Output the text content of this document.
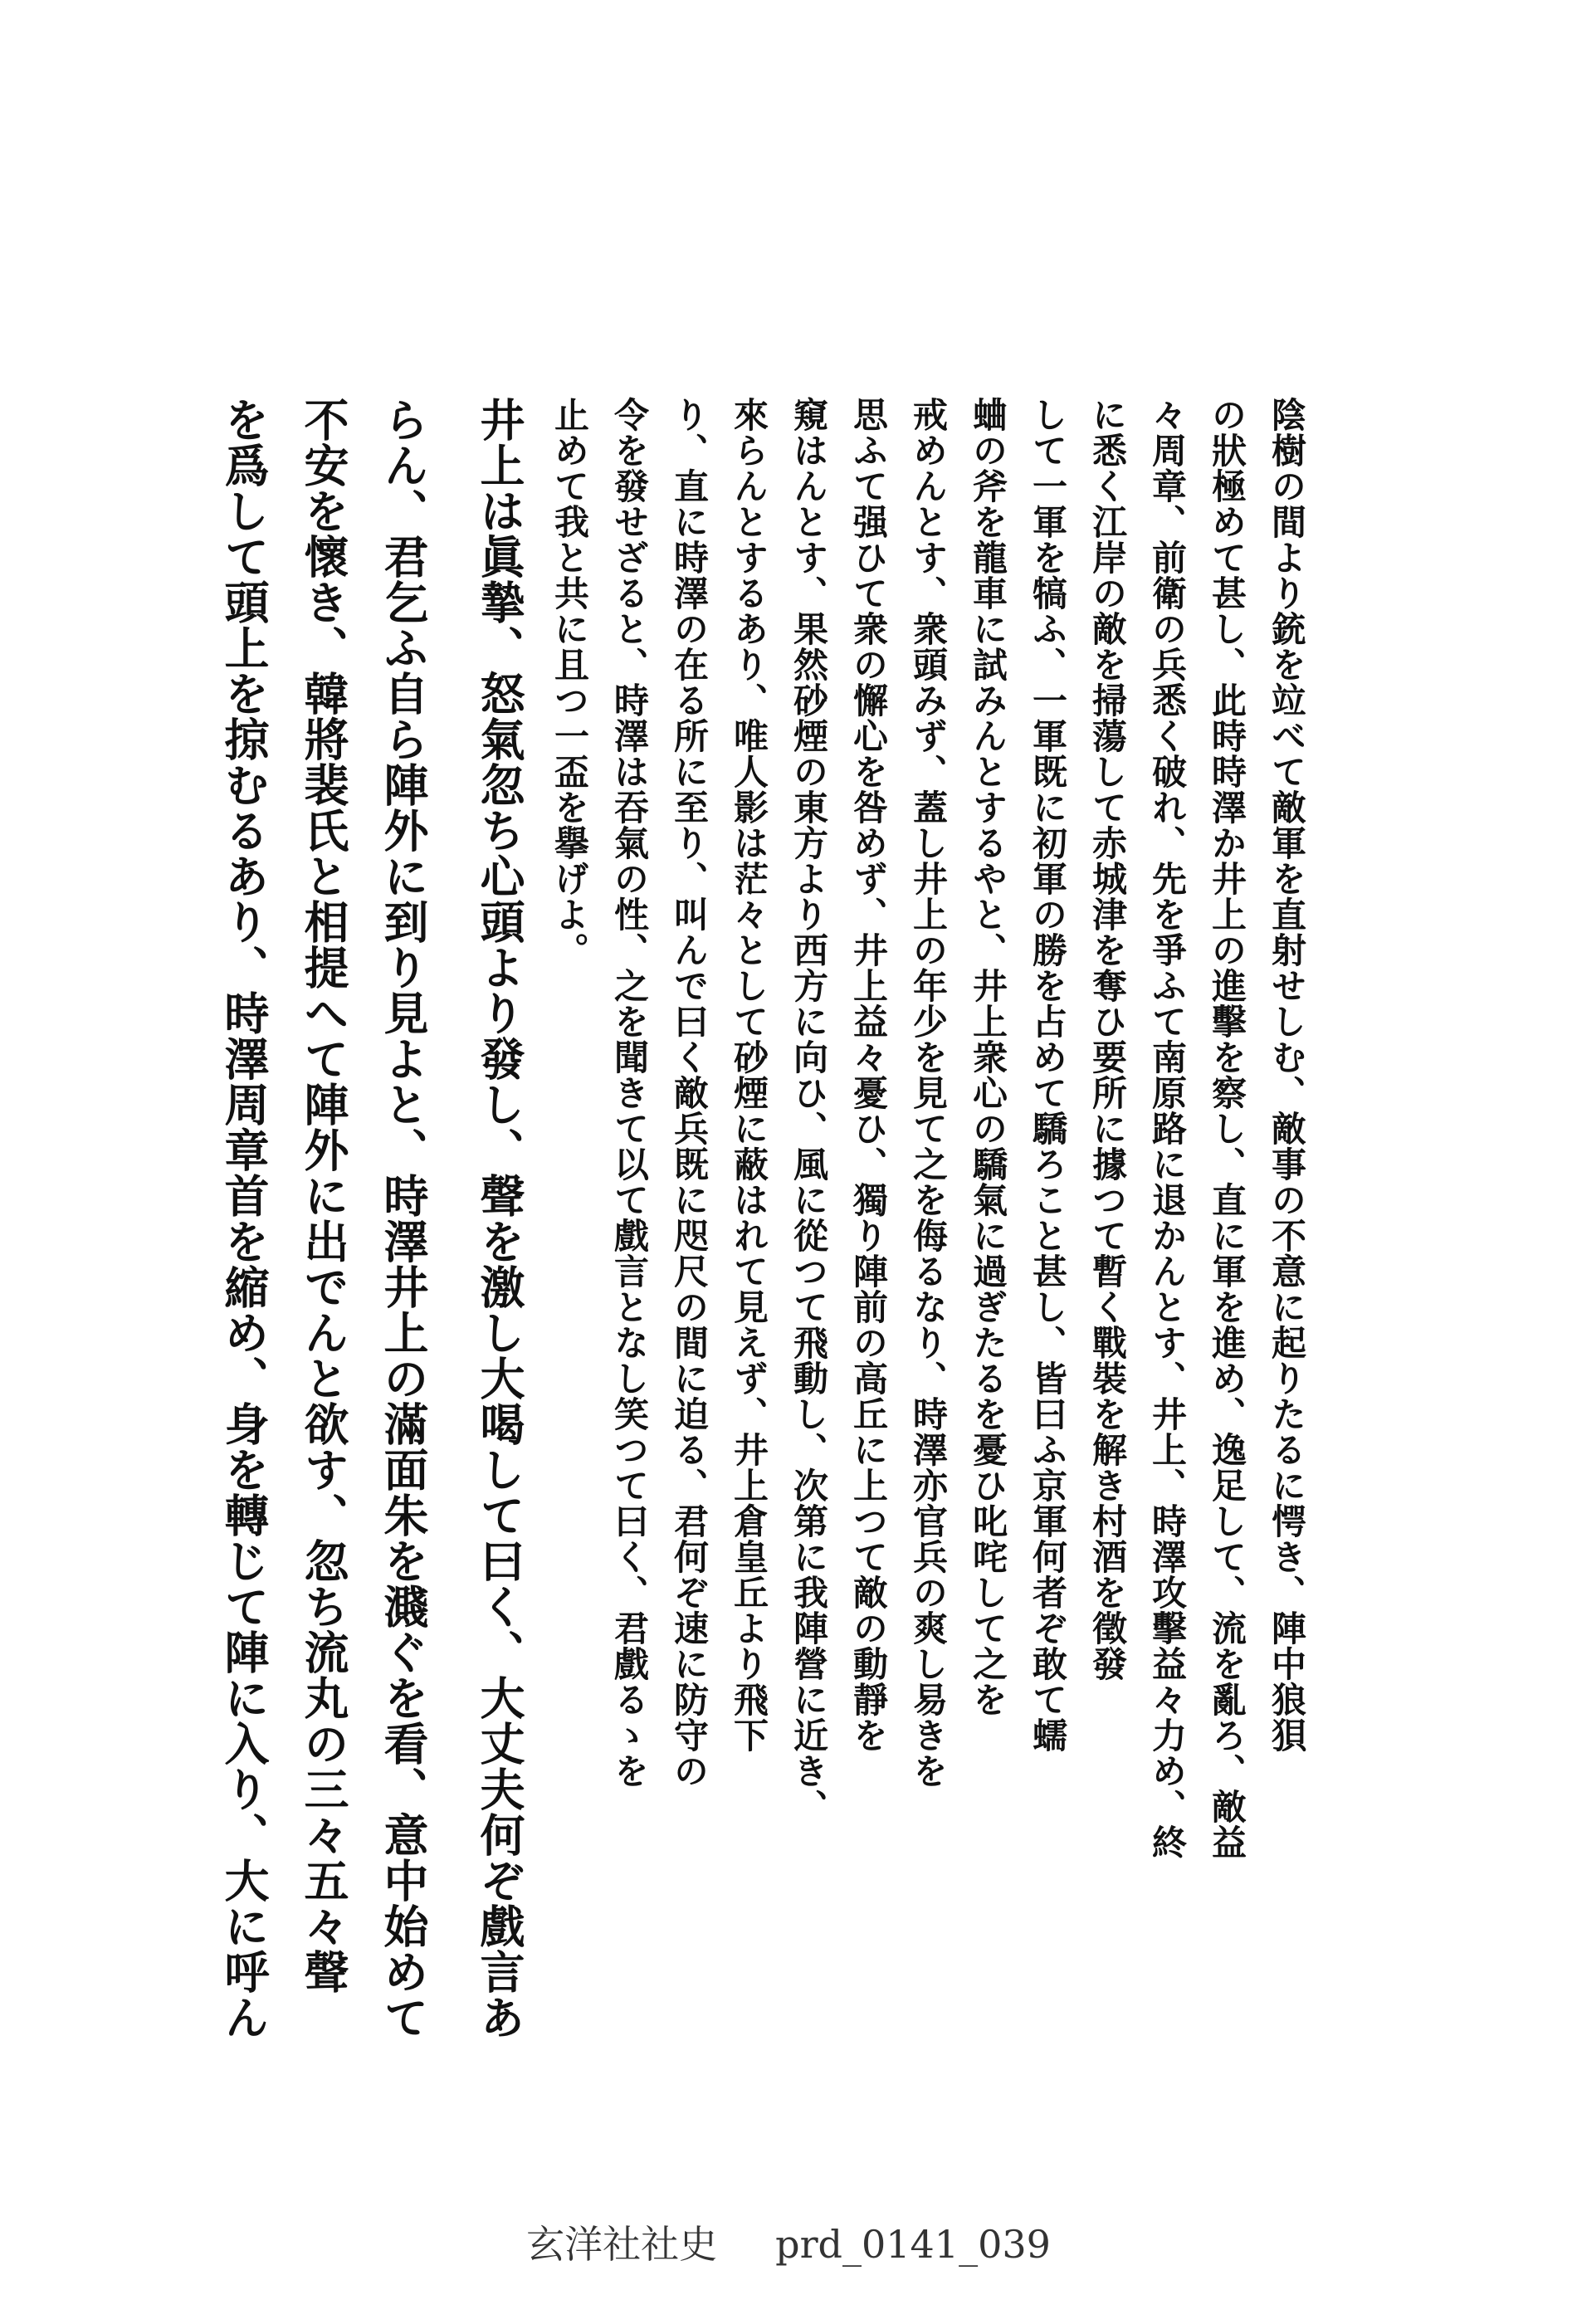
陰樹の間より銃を竝べて敵軍を直射せしむ、敵事の不意に起りたるに愕き、陣中狼狽

の狀極めて甚し、此時時澤か井上の進擊を察し、直に軍を進め、逸足して、流を亂ろ、敵益

々周章、前衛の兵悉く破れ、先を爭ふて南原路に退かんとす、井上、時澤攻擊益々力め、終

に悉く江岸の敵を掃蕩して赤城津を奪ひ要所に據つて暫く戰裝を解き村酒を徵發

して一軍を犒ふ、一軍既に初軍の勝を占めて驕ろこと甚し、皆曰ふ京軍何者ぞ敢て蠕

蛐の斧を龍車に試みんとするやと、井上衆心の驕氣に過ぎたるを憂ひ叱咤して之を

戒めんとす、衆頭みず、蓋し井上の年少を見て之を侮るなり、時澤亦官兵の爽し易きを

思ふて强ひて衆の懈心を咎めず、井上益々憂ひ、獨り陣前の高丘に上つて敵の動靜を

窺はんとす、果然砂煙の東方より西方に向ひ、風に從つて飛動し、次第に我陣營に近き、

來らんとするあり、唯人影は茫々として砂煙に蔽はれて見えず、井上倉皇丘より飛下

り、直に時澤の在る所に至り、叫んで曰く敵兵既に咫尺の間に迫る、君何ぞ速に防守の

令を發せざると、時澤は吞氣の性、之を聞きて以て戲言となし笑つて曰く、君戲るゝを

止めて我と共に且つ一盃を擧げよ。

井上は眞摯、怒氣忽ち心頭より發し、聲を激し大喝して曰く、大丈夫何ぞ戲言あ

らん、君乞ふ自ら陣外に到り見よと、時澤井上の滿面朱を濺ぐを看、意中始めて

不安を懷き、韓將裴氏と相提へて陣外に出でんと欲す、忽ち流丸の三々五々聲

を爲して頭上を掠むるあり、時澤周章首を縮め、身を轉じて陣に入り、大に呼ん

玄洋社社史 prd_0141_039
